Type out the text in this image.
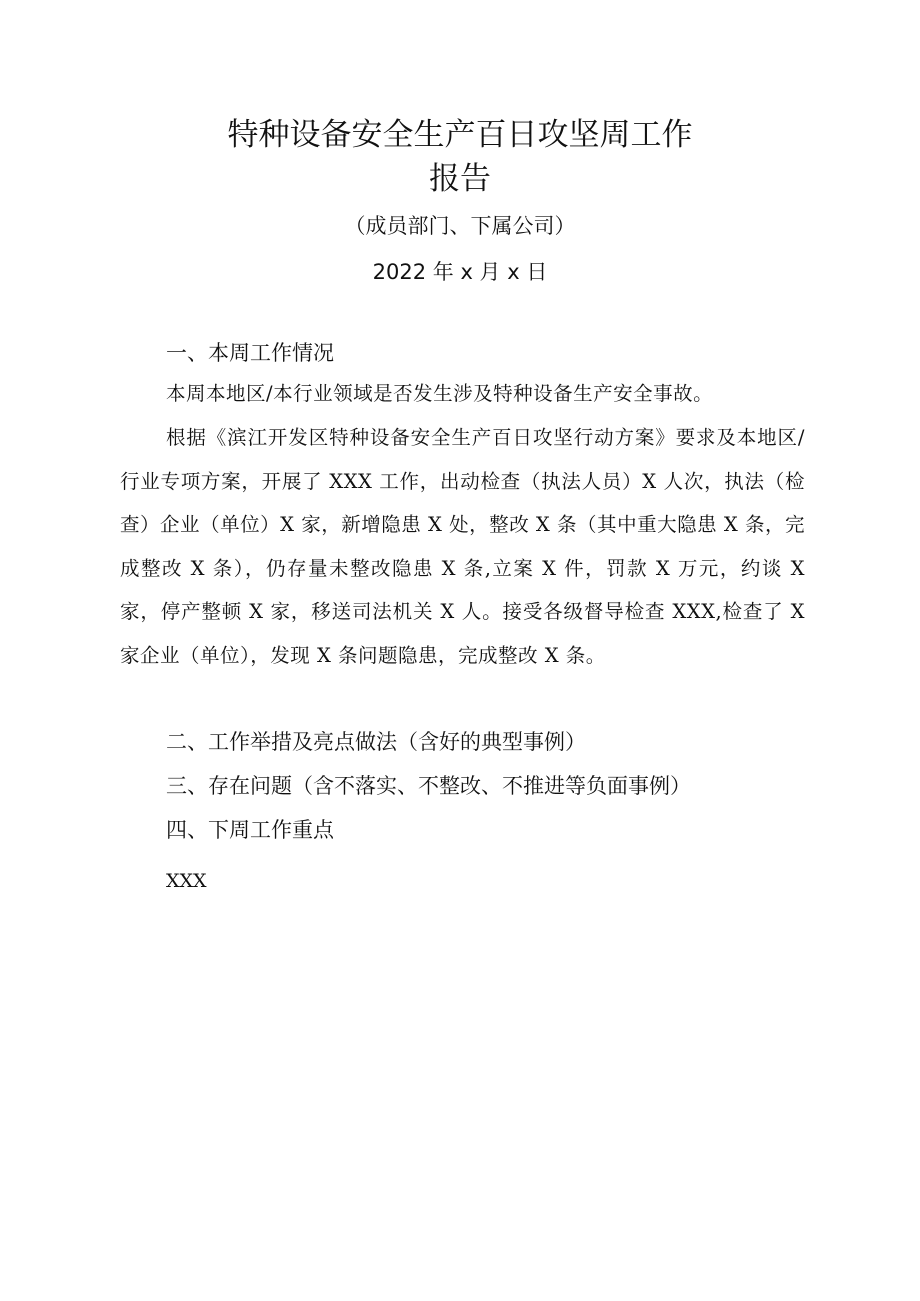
特种设备安全生产百日攻坚周工作
报告
（成员部门、下属公司）
2022 年 x 月 x 日
一、本周工作情况

本周本地区/本行业领域是否发生涉及特种设备生产安全事故。

根据《滨江开发区特种设备安全生产百日攻坚行动方案》要求及本地区/行业专项方案，开展了 XXX 工作，出动检查（执法人员）X 人次，执法（检查）企业（单位）X 家，新增隐患 X 处，整改 X 条（其中重大隐患 X 条，完成整改 X 条），仍存量未整改隐患 X 条,立案 X 件，罚款 X 万元，约谈 X 家，停产整顿 X 家，移送司法机关 X 人。接受各级督导检查 XXX,检查了 X 家企业（单位），发现 X 条问题隐患，完成整改 X 条。

二、工作举措及亮点做法（含好的典型事例）
三、存在问题（含不落实、不整改、不推进等负面事例）
四、下周工作重点
XXX
